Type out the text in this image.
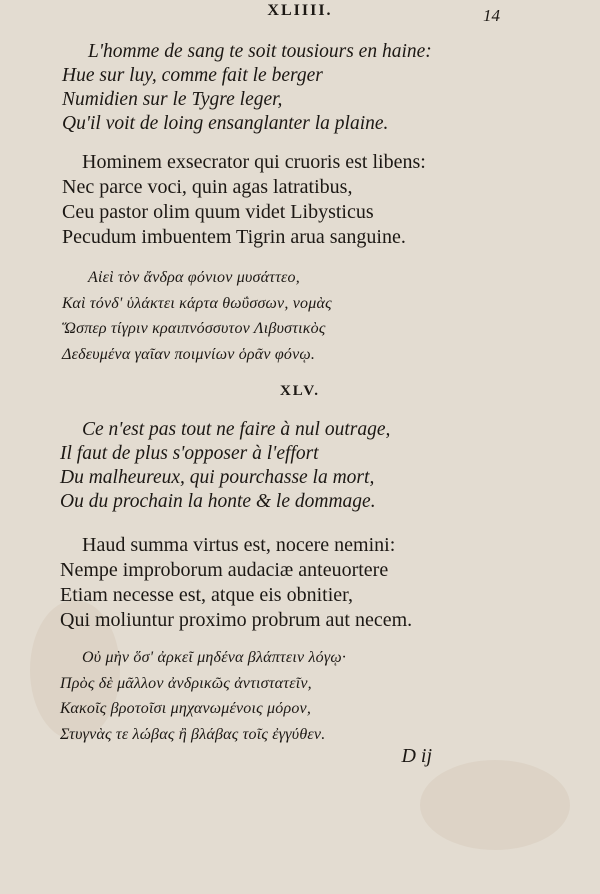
XLIIII.	14
L'homme de sang te soit tousiours en haine:
Hue sur luy, comme fait le berger
Numidien sur le Tygre leger,
Qu'il voit de loing ensanglanter la plaine.
Hominem exsecrator qui cruoris est libens:
Nec parce voci, quin agas latratibus,
Ceu pastor olim quum videt Libysticus
Pecudum imbuentem Tigrin arua sanguine.
Αἰεὶ τὸν ἄνδρα φόνιον μυσάττεο,
Καὶ τόνδ' ὑλάκτει κάρτα θωΰσσων, νομὰς
Ὥσπερ τίγριν κραιπνόσσυτον Λιβυστικὸς
Δεδευμένα γαῖαν ποιμνίων ὁρᾶν φόνῳ.
XLV.
Ce n'est pas tout ne faire à nul outrage,
Il faut de plus s'opposer à l'effort
Du malheureux, qui pourchasse la mort,
Ou du prochain la honte & le dommage.
Haud summa virtus est, nocere nemini:
Nempe improborum audaciæ anteuortere
Etiam necesse est, atque eis obnitier,
Qui moliuntur proximo probrum aut necem.
Οὐ μὴν ὅσ' ἀρκεῖ μηδένα βλάπτειν λόγῳ·
Πρὸς δὲ μᾶλλον ἀνδρικῶς ἀντιστατεῖν,
Κακοῖς βροτοῖσι μηχανωμένοις μόρον,
Στυγνὰς τε λώβας ἢ βλάβας τοῖς ἐγγύθεν.
D ij
